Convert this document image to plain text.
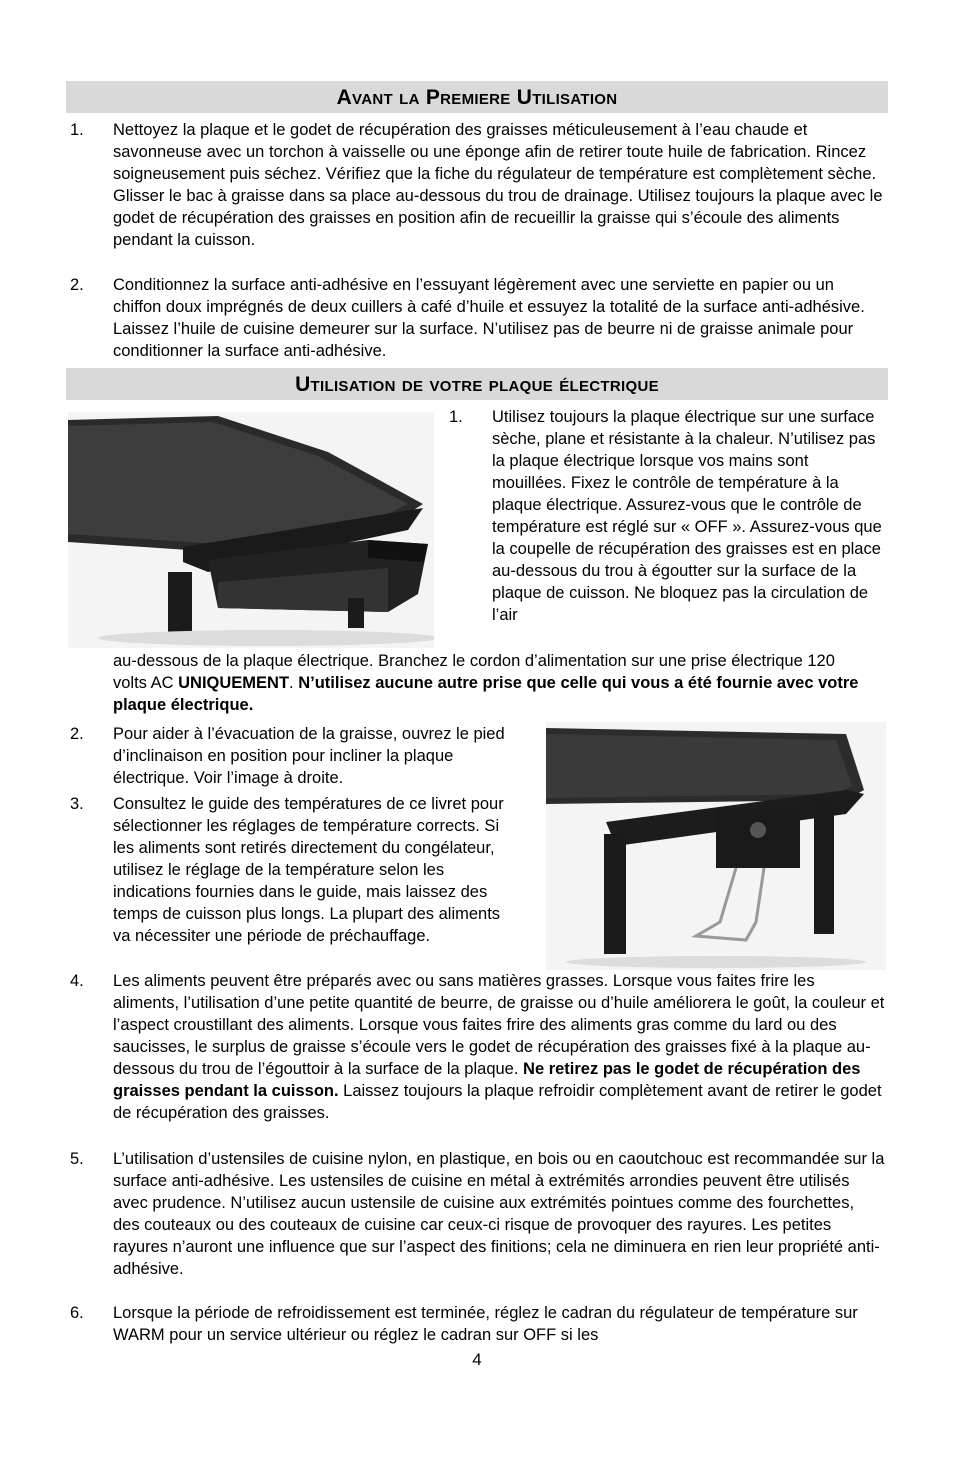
Avant la Premiere Utilisation
1. Nettoyez la plaque et le godet de récupération des graisses méticuleusement à l’eau chaude et savonneuse avec un torchon à vaisselle ou une éponge afin de retirer toute huile de fabrication. Rincez soigneusement puis séchez. Vérifiez que la fiche du régulateur de température est complètement sèche. Glisser le bac à graisse dans sa place au-dessous du trou de drainage. Utilisez toujours la plaque avec le godet de récupération des graisses en position afin de recueillir la graisse qui s’écoule des aliments pendant la cuisson.
2. Conditionnez la surface anti-adhésive en l’essuyant légèrement avec une serviette en papier ou un chiffon doux imprégnés de deux cuillers à café d’huile et essuyez la totalité de la surface anti-adhésive. Laissez l’huile de cuisine demeurer sur la surface. N’utilisez pas de beurre ni de graisse animale pour conditionner la surface anti-adhésive.
Utilisation de votre plaque électrique
1. Utilisez toujours la plaque électrique sur une surface sèche, plane et résistante à la chaleur. N’utilisez pas la plaque électrique lorsque vos mains sont mouillées. Fixez le contrôle de température à la plaque électrique. Assurez-vous que le contrôle de température est réglé sur « OFF ». Assurez-vous que la coupelle de récupération des graisses est en place au-dessous du trou à égoutter sur la surface de la plaque de cuisson. Ne bloquez pas la circulation de l’air
au-dessous de la plaque électrique. Branchez le cordon d’alimentation sur une prise électrique 120 volts AC UNIQUEMENT. N’utilisez aucune autre prise que celle qui vous a été fournie avec votre plaque électrique.
2. Pour aider à l’évacuation de la graisse, ouvrez le pied d’inclinaison en position pour incliner la plaque électrique. Voir l’image à droite.
3. Consultez le guide des températures de ce livret pour sélectionner les réglages de température corrects. Si les aliments sont retirés directement du congélateur, utilisez le réglage de la température selon les indications fournies dans le guide, mais laissez des temps de cuisson plus longs. La plupart des aliments va nécessiter une période de préchauffage.
4. Les aliments peuvent être préparés avec ou sans matières grasses. Lorsque vous faites frire les aliments, l’utilisation d’une petite quantité de beurre, de graisse ou d’huile améliorera le goût, la couleur et l’aspect croustillant des aliments. Lorsque vous faites frire des aliments gras comme du lard ou des saucisses, le surplus de graisse s’écoule vers le godet de récupération des graisses fixé à la plaque au-dessous du trou de l’égouttoir à la surface de la plaque. Ne retirez pas le godet de récupération des graisses pendant la cuisson. Laissez toujours la plaque refroidir complètement avant de retirer le godet de récupération des graisses.
5. L’utilisation d’ustensiles de cuisine nylon, en plastique, en bois ou en caoutchouc est recommandée sur la surface anti-adhésive. Les ustensiles de cuisine en métal à extrémités arrondies peuvent être utilisés avec prudence. N’utilisez aucun ustensile de cuisine aux extrémités pointues comme des fourchettes, des couteaux ou des couteaux de cuisine car ceux-ci risque de provoquer des rayures. Les petites rayures n’auront une influence que sur l’aspect des finitions; cela ne diminuera en rien leur propriété anti-adhésive.
6. Lorsque la période de refroidissement est terminée, réglez le cadran du régulateur de température sur WARM pour un service ultérieur ou réglez le cadran sur OFF si les
4
